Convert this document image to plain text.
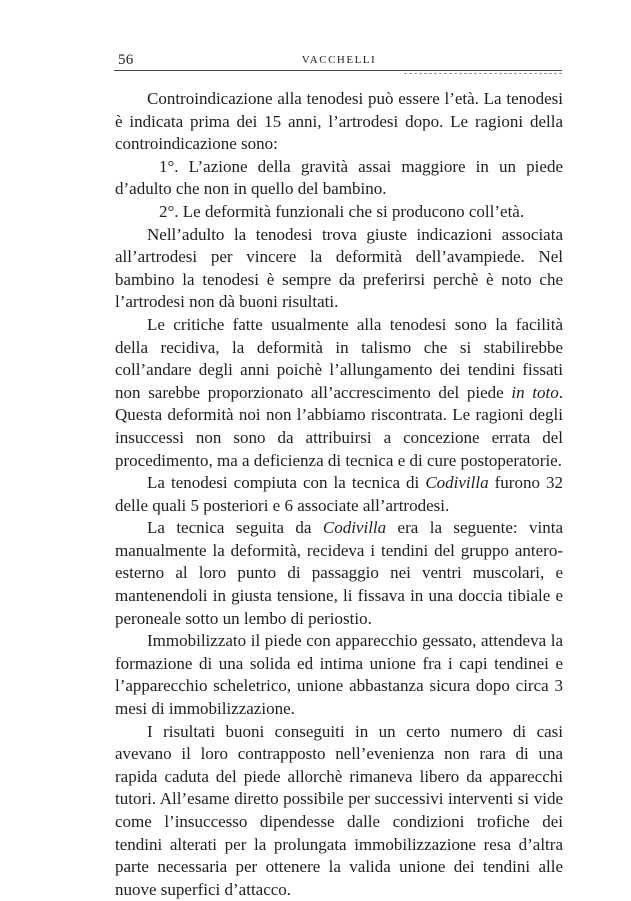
56	VACCHELLI

Controindicazione alla tenodesi può essere l’età. La tenodesi è indicata prima dei 15 anni, l’artrodesi dopo. Le ragioni della controindicazione sono:

1°. L’azione della gravità assai maggiore in un piede d’adulto che non in quello del bambino.

2°. Le deformità funzionali che si producono coll’età.

Nell’adulto la tenodesi trova giuste indicazioni associata all’artrodesi per vincere la deformità dell’avampiede. Nel bambino la tenodesi è sempre da preferirsi perchè è noto che l’artrodesi non dà buoni risultati.

Le critiche fatte usualmente alla tenodesi sono la facilità della recidiva, la deformità in talismo che si stabilirebbe coll’andare degli anni poichè l’allungamento dei tendini fissati non sarebbe proporzionato all’accrescimento del piede in toto. Questa deformità noi non l’abbiamo riscontrata. Le ragioni degli insuccessi non sono da attribuirsi a concezione errata del procedimento, ma a deficienza di tecnica e di cure postoperatorie.

La tenodesi compiuta con la tecnica di Codivilla furono 32 delle quali 5 posteriori e 6 associate all’artrodesi.

La tecnica seguita da Codivilla era la seguente: vinta manualmente la deformità, recideva i tendini del gruppo antero-esterno al loro punto di passaggio nei ventri muscolari, e mantenendoli in giusta tensione, li fissava in una doccia tibiale e peroneale sotto un lembo di periostio.

Immobilizzato il piede con apparecchio gessato, attendeva la formazione di una solida ed intima unione fra i capi tendinei e l’apparecchio scheletrico, unione abbastanza sicura dopo circa 3 mesi di immobilizzazione.

I risultati buoni conseguiti in un certo numero di casi avevano il loro contrapposto nell’evenienza non rara di una rapida caduta del piede allorchè rimaneva libero da apparecchi tutori. All’esame diretto possibile per successivi interventi si vide come l’insuccesso dipendesse dalle condizioni trofiche dei tendini alterati per la prolungata immobilizzazione resa d’altra parte necessaria per ottenere la valida unione dei tendini alle nuove superfici d’attacco.
